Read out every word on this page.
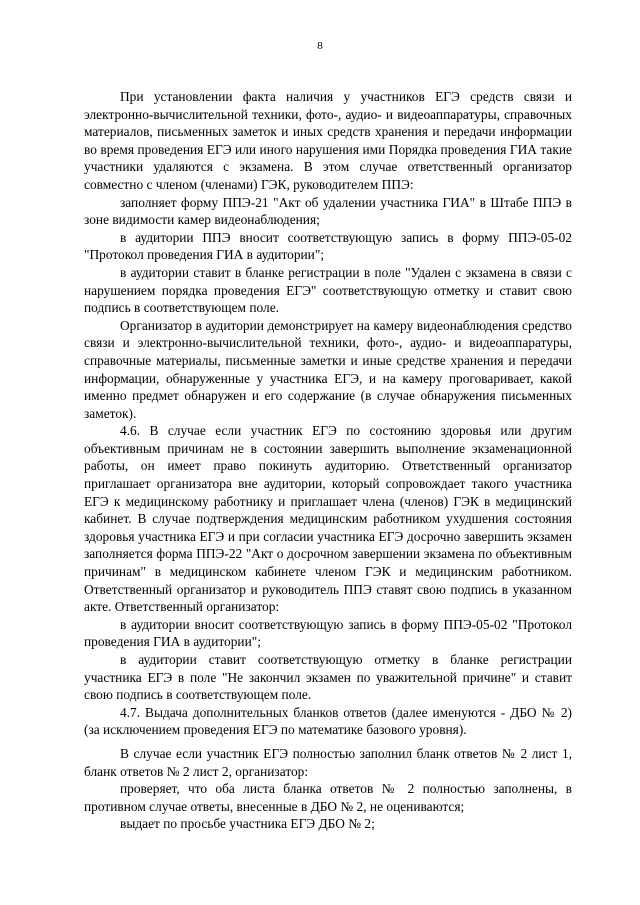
8

При установлении факта наличия у участников ЕГЭ средств связи и электронно-вычислительной техники, фото-, аудио- и видеоаппаратуры, справочных материалов, письменных заметок и иных средств хранения и передачи информации во время проведения ЕГЭ или иного нарушения ими Порядка проведения ГИА такие участники удаляются с экзамена. В этом случае ответственный организатор совместно с членом (членами) ГЭК, руководителем ППЭ:

заполняет форму ППЭ-21 "Акт об удалении участника ГИА" в Штабе ППЭ в зоне видимости камер видеонаблюдения;

в аудитории ППЭ вносит соответствующую запись в форму ППЭ-05-02 "Протокол проведения ГИА в аудитории";

в аудитории ставит в бланке регистрации в поле "Удален с экзамена в связи с нарушением порядка проведения ЕГЭ" соответствующую отметку и ставит свою подпись в соответствующем поле.

Организатор в аудитории демонстрирует на камеру видеонаблюдения средство связи и электронно-вычислительной техники, фото-, аудио- и видеоаппаратуры, справочные материалы, письменные заметки и иные средстве хранения и передачи информации, обнаруженные у участника ЕГЭ, и на камеру проговаривает, какой именно предмет обнаружен и его содержание (в случае обнаружения письменных заметок).

4.6. В случае если участник ЕГЭ по состоянию здоровья или другим объективным причинам не в состоянии завершить выполнение экзаменационной работы, он имеет право покинуть аудиторию. Ответственный организатор приглашает организатора вне аудитории, который сопровождает такого участника ЕГЭ к медицинскому работнику и приглашает члена (членов) ГЭК в медицинский кабинет. В случае подтверждения медицинским работником ухудшения состояния здоровья участника ЕГЭ и при согласии участника ЕГЭ досрочно завершить экзамен заполняется форма ППЭ-22 "Акт о досрочном завершении экзамена по объективным причинам" в медицинском кабинете членом ГЭК и медицинским работником. Ответственный организатор и руководитель ППЭ ставят свою подпись в указанном акте. Ответственный организатор:

в аудитории вносит соответствующую запись в форму ППЭ-05-02 "Протокол проведения ГИА в аудитории";

в аудитории ставит соответствующую отметку в бланке регистрации участника ЕГЭ в поле "Не закончил экзамен по уважительной причине" и ставит свою подпись в соответствующем поле.

4.7. Выдача дополнительных бланков ответов (далее именуются - ДБО № 2) (за исключением проведения ЕГЭ по математике базового уровня).

В случае если участник ЕГЭ полностью заполнил бланк ответов № 2 лист 1, бланк ответов № 2 лист 2, организатор:

проверяет, что оба листа бланка ответов № 2 полностью заполнены, в противном случае ответы, внесенные в ДБО № 2, не оцениваются;

выдает по просьбе участника ЕГЭ ДБО № 2;
